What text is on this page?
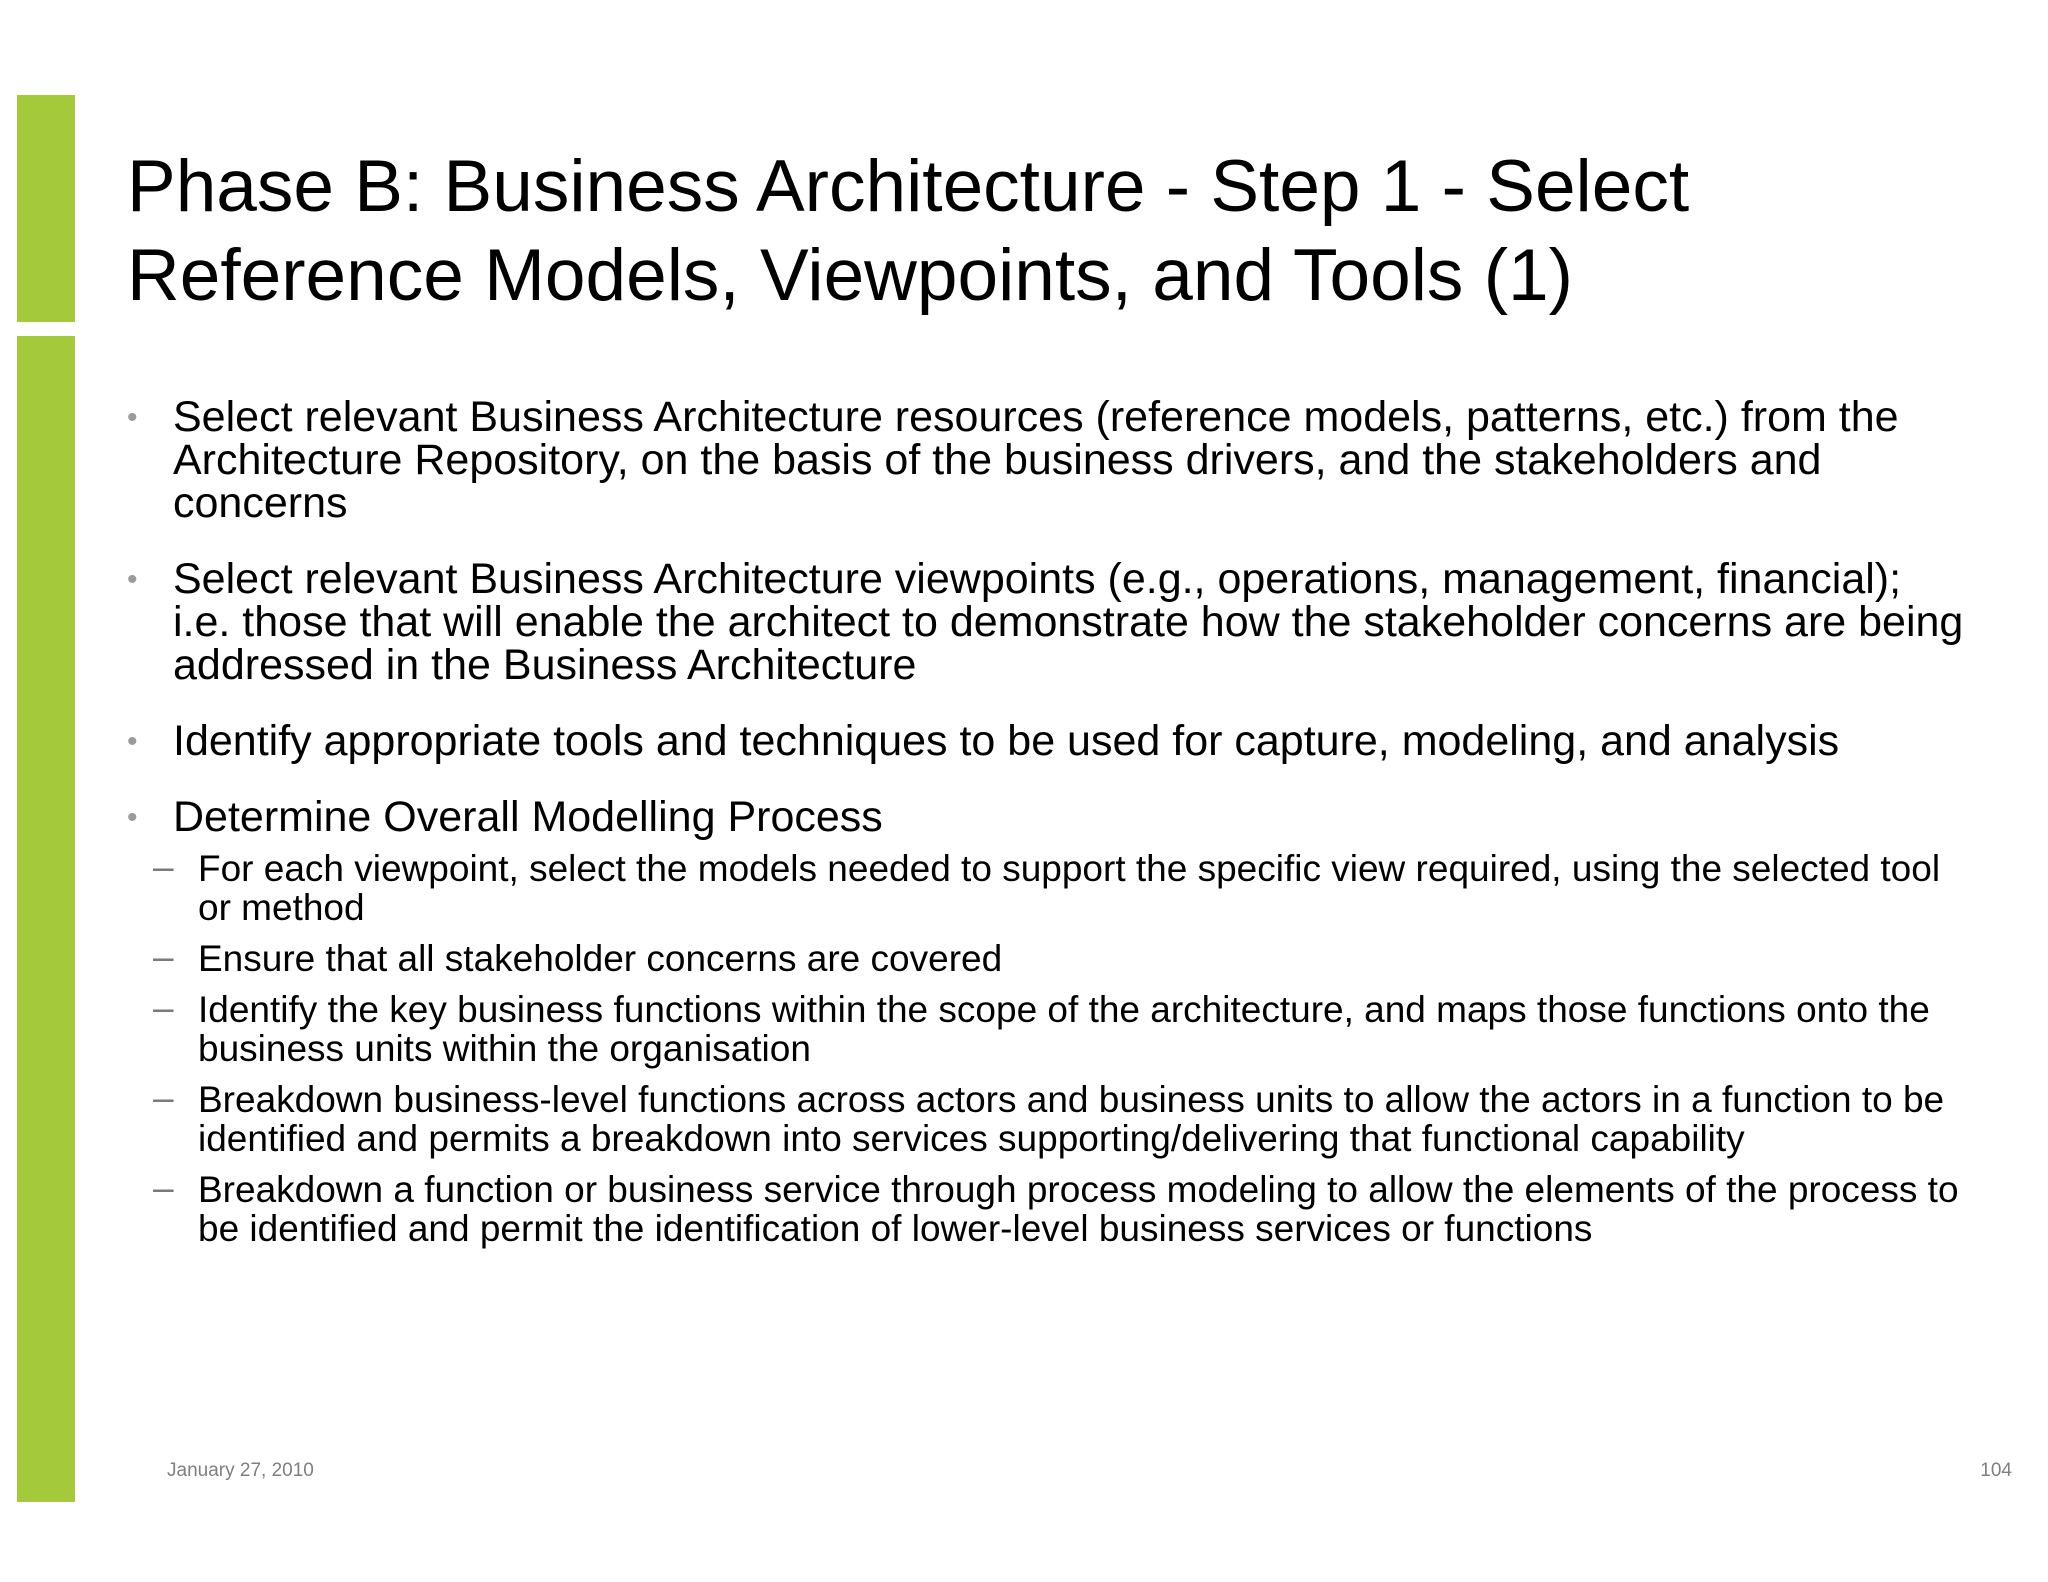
Phase B: Business Architecture - Step 1 - Select Reference Models, Viewpoints, and Tools (1)
• Select relevant Business Architecture resources (reference models, patterns, etc.) from the Architecture Repository, on the basis of the business drivers, and the stakeholders and concerns
• Select relevant Business Architecture viewpoints (e.g., operations, management, financial); i.e. those that will enable the architect to demonstrate how the stakeholder concerns are being addressed in the Business Architecture
• Identify appropriate tools and techniques to be used for capture, modeling, and analysis
• Determine Overall Modelling Process
– For each viewpoint, select the models needed to support the specific view required, using the selected tool or method
– Ensure that all stakeholder concerns are covered
– Identify the key business functions within the scope of the architecture, and maps those functions onto the business units within the organisation
– Breakdown business-level functions across actors and business units to allow the actors in a function to be identified and permits a breakdown into services supporting/delivering that functional capability
– Breakdown a function or business service through process modeling to allow the elements of the process to be identified and permit the identification of lower-level business services or functions
January 27, 2010	104
